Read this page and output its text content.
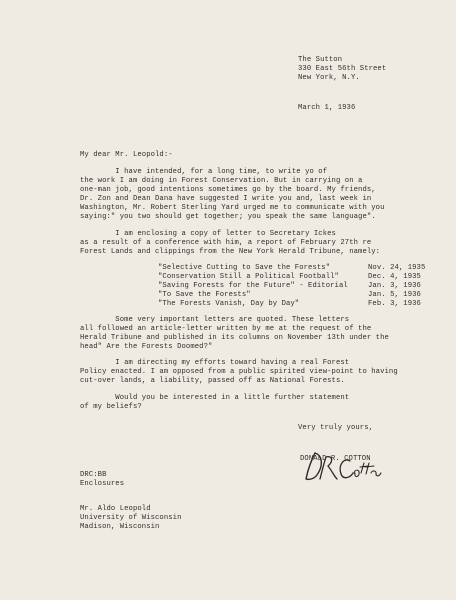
The Sutton
330 East 56th Street
New York, N.Y.
March 1, 1936
My dear Mr. Leopold:-
I have intended, for a long time, to write yo of
the work I am doing in Forest Conservation. But in carrying on a
one-man job, good intentions sometimes go by the board. My friends,
Dr. Zon and Dean Dana have suggested I write you and, last week in
Washington, Mr. Robert Sterling Yard urged me to communicate with you
saying:" you two should get together; you speak the same language".
I am enclosing a copy of letter to Secretary Ickes
as a result of a conference with him, a report of February 27th re
Forest Lands and clippings from the New York Herald Tribune, namely:
"Selective Cutting to Save the Forests"	Nov. 24, 1935
"Conservation Still a Political Football"	Dec. 4, 1935
"Saving Forests for the Future" - Editorial	Jan. 3, 1936
"To Save the Forests"	Jan. 5, 1936
"The Forests Vanish, Day by Day"	Feb. 3, 1936
Some very important letters are quoted. These letters
all followed an article-letter written by me at the request of the
Herald Tribune and published in its columns on November 13th under the
head" Are the Forests Doomed?"
I am directing my efforts toward having a real Forest
Policy enacted. I am opposed from a public spirited view-point to having
cut-over lands, a liability, passed off as National Forests.
Would you be interested in a little further statement
of my beliefs?
Very truly yours,

DONALD R. COTTON
DRC:BB
Enclosures
Mr. Aldo Leopold
University of Wisconsin
Madison, Wisconsin
